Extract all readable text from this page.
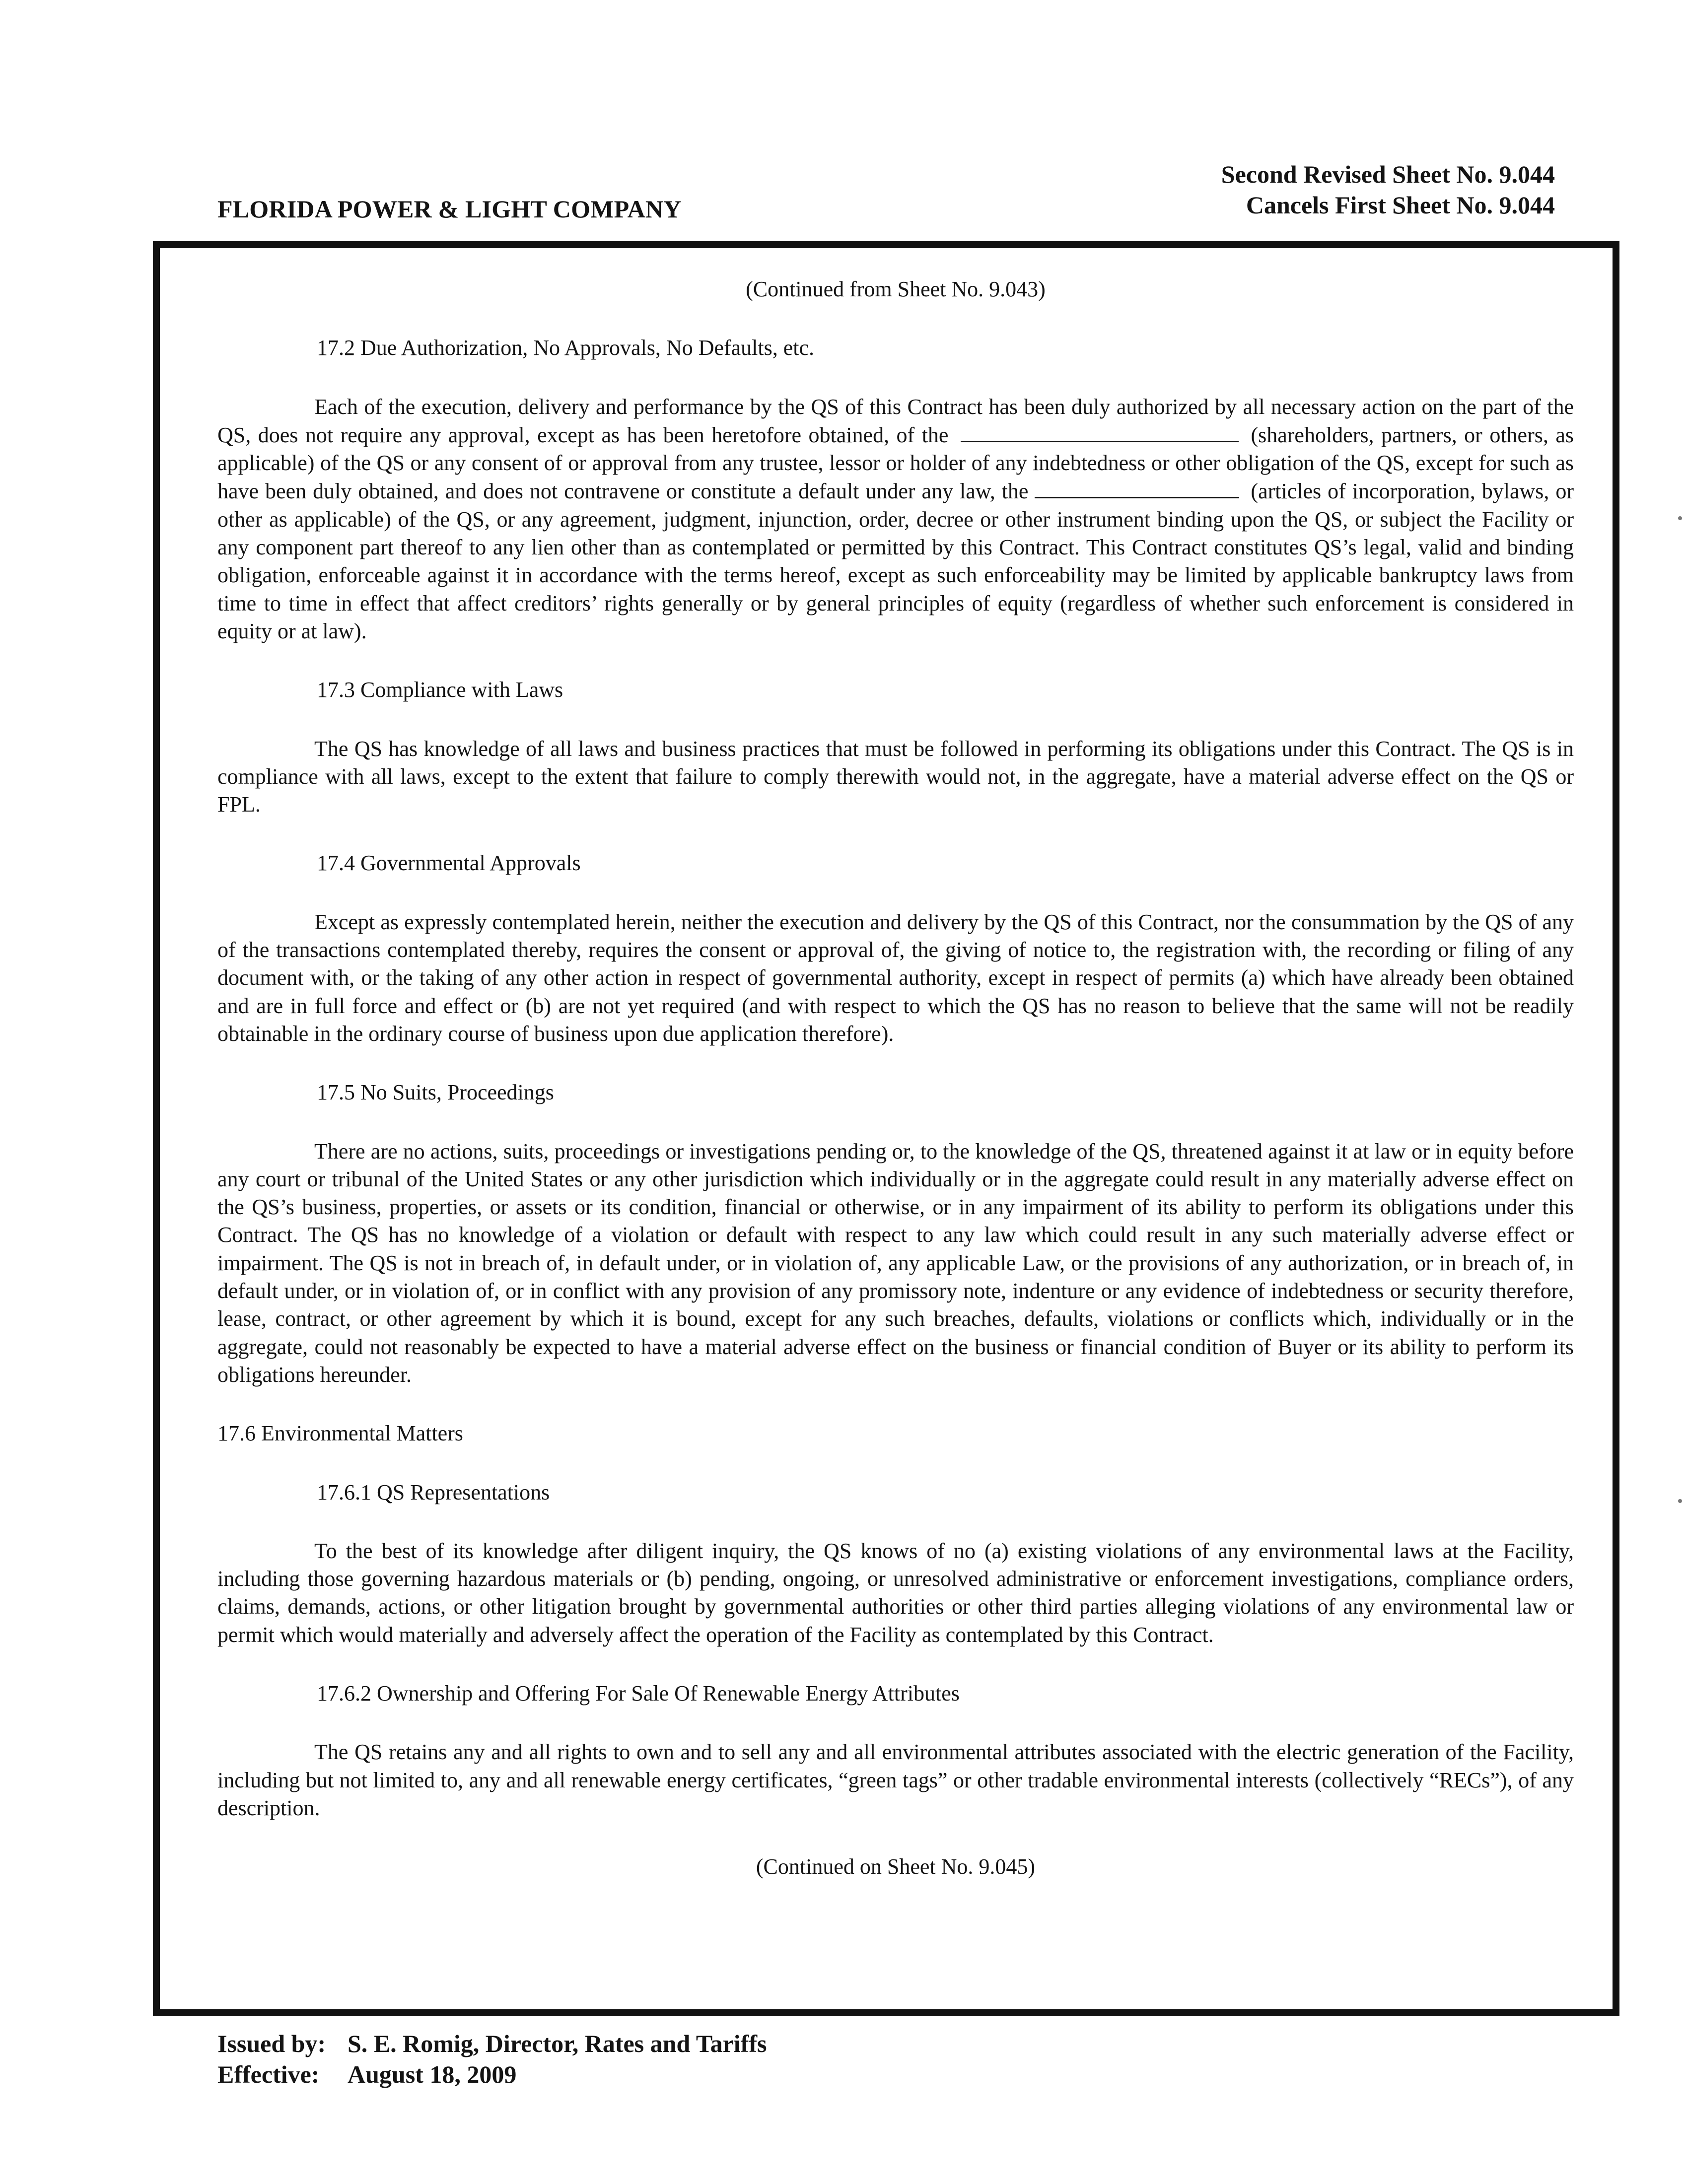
FLORIDA POWER & LIGHT COMPANY
Second Revised Sheet No. 9.044
Cancels First Sheet No. 9.044

(Continued from Sheet No. 9.043)

17.2 Due Authorization, No Approvals, No Defaults, etc.

Each of the execution, delivery and performance by the QS of this Contract has been duly authorized by all necessary action on the part of the QS, does not require any approval, except as has been heretofore obtained, of the	(shareholders, partners, or others, as applicable) of the QS or any consent of or approval from any trustee, lessor or holder of any indebtedness or other obligation of the QS, except for such as have been duly obtained, and does not contravene or constitute a default under any law, the	(articles of incorporation, bylaws, or other as applicable) of the QS, or any agreement, judgment, injunction, order, decree or other instrument binding upon the QS, or subject the Facility or any component part thereof to any lien other than as contemplated or permitted by this Contract. This Contract constitutes QS’s legal, valid and binding obligation, enforceable against it in accordance with the terms hereof, except as such enforceability may be limited by applicable bankruptcy laws from time to time in effect that affect creditors’ rights generally or by general principles of equity (regardless of whether such enforcement is considered in equity or at law).

17.3 Compliance with Laws

The QS has knowledge of all laws and business practices that must be followed in performing its obligations under this Contract. The QS is in compliance with all laws, except to the extent that failure to comply therewith would not, in the aggregate, have a material adverse effect on the QS or FPL.

17.4 Governmental Approvals

Except as expressly contemplated herein, neither the execution and delivery by the QS of this Contract, nor the consummation by the QS of any of the transactions contemplated thereby, requires the consent or approval of, the giving of notice to, the registration with, the recording or filing of any document with, or the taking of any other action in respect of governmental authority, except in respect of permits (a) which have already been obtained and are in full force and effect or (b) are not yet required (and with respect to which the QS has no reason to believe that the same will not be readily obtainable in the ordinary course of business upon due application therefore).

17.5 No Suits, Proceedings

There are no actions, suits, proceedings or investigations pending or, to the knowledge of the QS, threatened against it at law or in equity before any court or tribunal of the United States or any other jurisdiction which individually or in the aggregate could result in any materially adverse effect on the QS’s business, properties, or assets or its condition, financial or otherwise, or in any impairment of its ability to perform its obligations under this Contract. The QS has no knowledge of a violation or default with respect to any law which could result in any such materially adverse effect or impairment. The QS is not in breach of, in default under, or in violation of, any applicable Law, or the provisions of any authorization, or in breach of, in default under, or in violation of, or in conflict with any provision of any promissory note, indenture or any evidence of indebtedness or security therefore, lease, contract, or other agreement by which it is bound, except for any such breaches, defaults, violations or conflicts which, individually or in the aggregate, could not reasonably be expected to have a material adverse effect on the business or financial condition of Buyer or its ability to perform its obligations hereunder.

17.6 Environmental Matters

17.6.1 QS Representations

To the best of its knowledge after diligent inquiry, the QS knows of no (a) existing violations of any environmental laws at the Facility, including those governing hazardous materials or (b) pending, ongoing, or unresolved administrative or enforcement investigations, compliance orders, claims, demands, actions, or other litigation brought by governmental authorities or other third parties alleging violations of any environmental law or permit which would materially and adversely affect the operation of the Facility as contemplated by this Contract.

17.6.2 Ownership and Offering For Sale Of Renewable Energy Attributes

The QS retains any and all rights to own and to sell any and all environmental attributes associated with the electric generation of the Facility, including but not limited to, any and all renewable energy certificates, “green tags” or other tradable environmental interests (collectively “RECs”), of any description.

(Continued on Sheet No. 9.045)

Issued by: S. E. Romig, Director, Rates and Tariffs
Effective: August 18, 2009
